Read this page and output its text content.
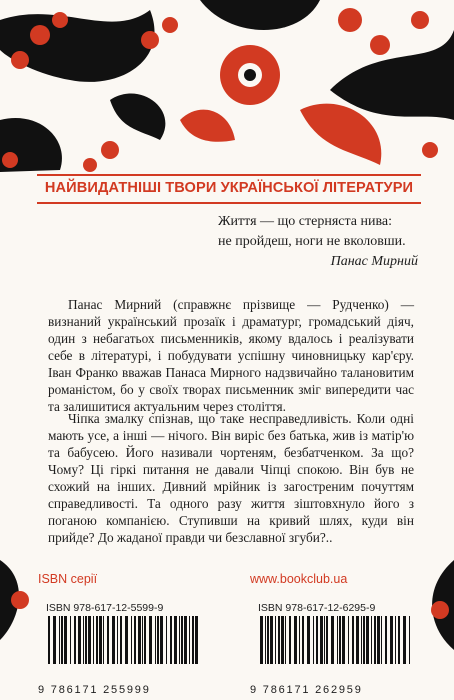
НАЙВИДАТНІШІ ТВОРИ УКРАЇНСЬКОЇ ЛІТЕРАТУРИ
Життя — що стерняста нива:
не пройдеш, ноги не вколовши.
Панас Мирний

Панас Мирний (справжнє прізвище — Рудченко) — визнаний український прозаїк і драматург, громадський діяч, один з небагатьох письменників, якому вдалось і реалізувати себе в літературі, і побудувати успішну чиновницьку кар'єру. Іван Франко вважав Панаса Мирного надзвичайно талановитим романістом, бо у своїх творах письменник зміг випередити час та залишитися актуальним через століття.

Чіпка змалку спізнав, що таке несправедливість. Коли одні мають усе, а інші — нічого. Він виріс без батька, жив із матір'ю та бабусею. Його називали чортеням, безбатченком. За що? Чому? Ці гіркі питання не давали Чіпці спокою. Він був не схожий на інших. Дивний мрійник із загостреним почуттям справедливості. Та одного разу життя зіштовхнуло його з поганою компанією. Ступивши на кривий шлях, куди він прийде? До жаданої правди чи безславної згуби?..

ISBN серії
ISBN 978-617-12-5599-9
9 786171 255999
www.bookclub.ua
ISBN 978-617-12-6295-9
9 786171 262959
